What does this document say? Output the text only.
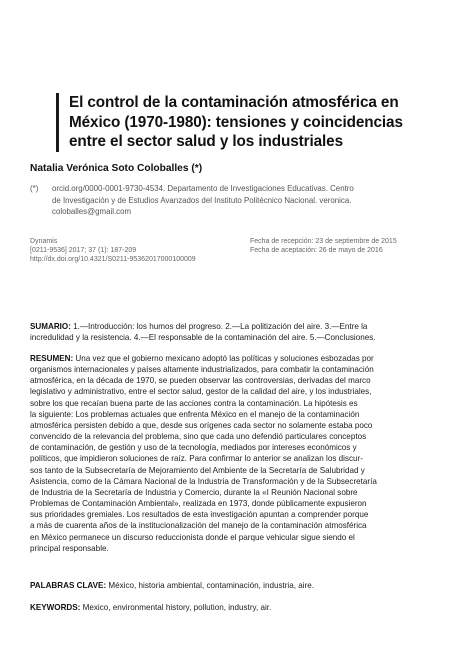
El control de la contaminación atmosférica en
México (1970-1980): tensiones y coincidencias
entre el sector salud y los industriales
Natalia Verónica Soto Coloballes (*)
(*) orcid.org/0000-0001-9730-4534. Departamento de Investigaciones Educativas. Centro
de Investigación y de Estudios Avanzados del Instituto Politécnico Nacional. veronica.
coloballes@gmail.com
Dynamis
[0211-9536] 2017; 37 (1): 187-209
http://dx.doi.org/10.4321/S0211-95362017000100009
Fecha de recepción: 23 de septiembre de 2015
Fecha de aceptación: 26 de mayo de 2016
SUMARIO: 1.—Introducción: los humos del progreso. 2.—La politización del aire. 3.—Entre la
incredulidad y la resistencia. 4.—El responsable de la contaminación del aire. 5.—Conclusiones.
RESUMEN: Una vez que el gobierno mexicano adoptó las políticas y soluciones esbozadas por
organismos internacionales y países altamente industrializados, para combatir la contaminación
atmosférica, en la década de 1970, se pueden observar las controversias, derivadas del marco
legislativo y administrativo, entre el sector salud, gestor de la calidad del aire, y los industriales,
sobre los que recaían buena parte de las acciones contra la contaminación. La hipótesis es
la siguiente: Los problemas actuales que enfrenta México en el manejo de la contaminación
atmosférica persisten debido a que, desde sus orígenes cada sector no solamente estaba poco
convencido de la relevancia del problema, sino que cada uno defendió particulares conceptos
de contaminación, de gestión y uso de la tecnología, mediados por intereses económicos y
políticos, que impidieron soluciones de raíz. Para confirmar lo anterior se analizan los discur-
sos tanto de la Subsecretaría de Mejoramiento del Ambiente de la Secretaría de Salubridad y
Asistencia, como de la Cámara Nacional de la Industria de Transformación y de la Subsecretaría
de Industria de la Secretaría de Industria y Comercio, durante la «I Reunión Nacional sobre
Problemas de Contaminación Ambiental», realizada en 1973, donde públicamente expusieron
sus prioridades gremiales. Los resultados de esta investigación apuntan a comprender porque
a más de cuarenta años de la institucionalización del manejo de la contaminación atmosférica
en México permanece un discurso reduccionista donde el parque vehicular sigue siendo el
principal responsable.
PALABRAS CLAVE: México, historia ambiental, contaminación, industria, aire.
KEYWORDS: Mexico, environmental history, pollution, industry, air.
